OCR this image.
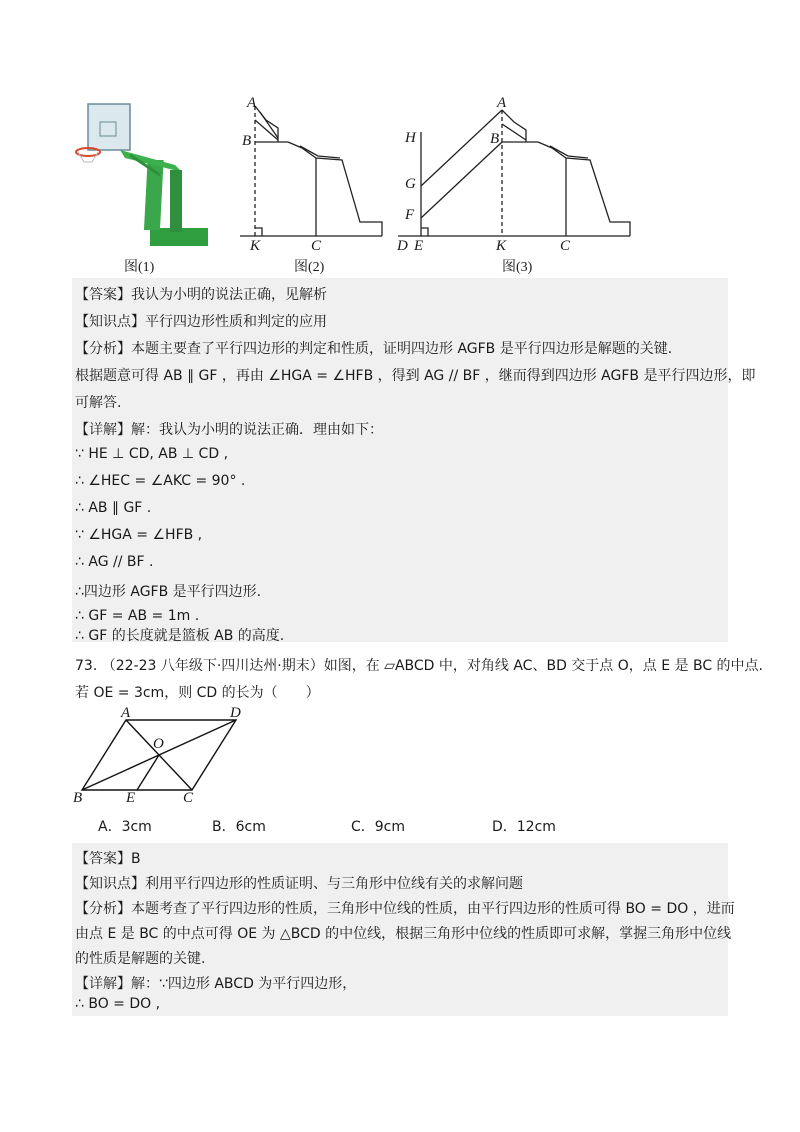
A
B
K	C
A
B
H
G
F
D E	K	C
图(1)	图(2)	图(3)
【答案】我认为小明的说法正确，见解析
【知识点】平行四边形性质和判定的应用
【分析】本题主要查了平行四边形的判定和性质，证明四边形 AGFB 是平行四边形是解题的关键.
根据题意可得 AB ∥ GF ，再由 ∠HGA = ∠HFB ，得到 AG // BF ，继而得到四边形 AGFB 是平行四边形，即
可解答.
【详解】解：我认为小明的说法正确．理由如下：
∵ HE ⊥ CD, AB ⊥ CD ,
∴ ∠HEC = ∠AKC = 90° .
∴ AB ∥ GF .
∵ ∠HGA = ∠HFB ,
∴ AG // BF .
∴四边形 AGFB 是平行四边形.
∴ GF = AB = 1m .
∴ GF 的长度就是篮板 AB 的高度.
73. （22-23 八年级下·四川达州·期末）如图，在 ▱ABCD 中，对角线 AC、BD 交于点 O，点 E 是 BC 的中点.
若 OE = 3cm，则 CD 的长为（　　）
A	D
O
B	E	C
A．3cm	B．6cm	C．9cm	D．12cm
【答案】B
【知识点】利用平行四边形的性质证明、与三角形中位线有关的求解问题
【分析】本题考查了平行四边形的性质，三角形中位线的性质，由平行四边形的性质可得 BO = DO ，进而
由点 E 是 BC 的中点可得 OE 为 △BCD 的中位线，根据三角形中位线的性质即可求解，掌握三角形中位线
的性质是解题的关键.
【详解】解：∵四边形 ABCD 为平行四边形，
∴ BO = DO ,
